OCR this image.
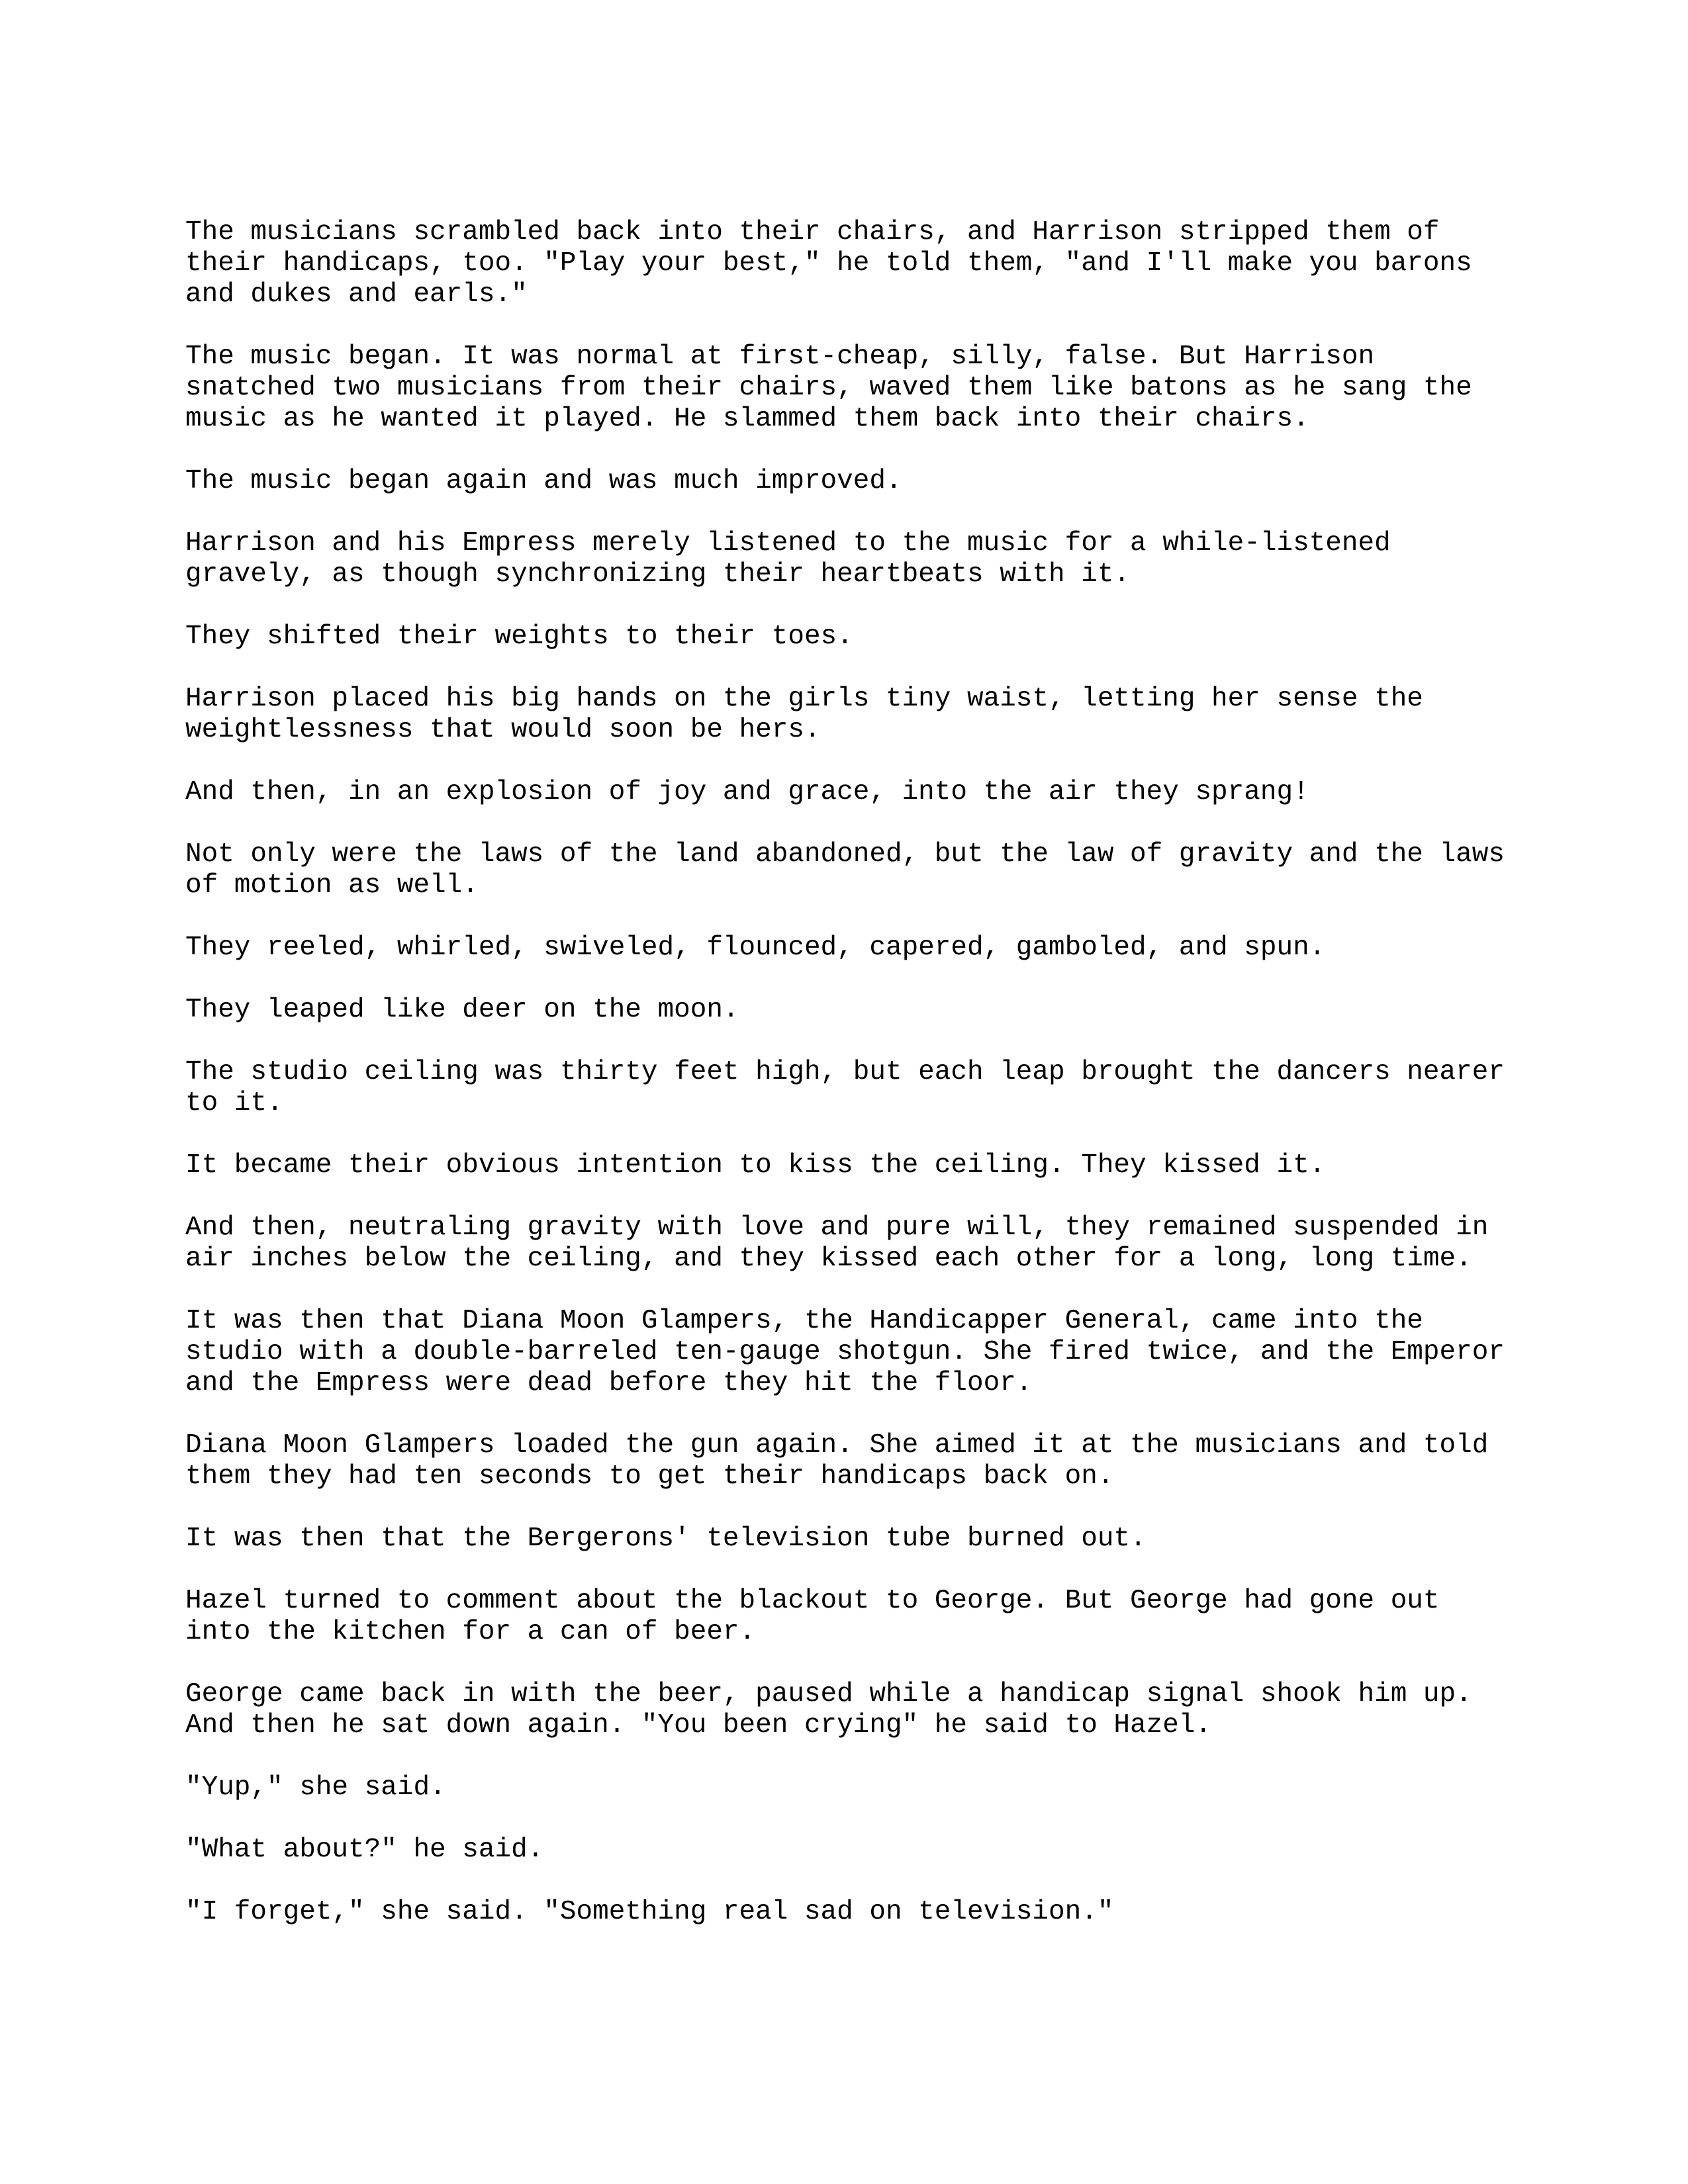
The musicians scrambled back into their chairs, and Harrison stripped them of their handicaps, too. "Play your best," he told them, "and I'll make you barons and dukes and earls."

The music began. It was normal at first-cheap, silly, false. But Harrison snatched two musicians from their chairs, waved them like batons as he sang the music as he wanted it played. He slammed them back into their chairs.

The music began again and was much improved.

Harrison and his Empress merely listened to the music for a while-listened gravely, as though synchronizing their heartbeats with it.

They shifted their weights to their toes.

Harrison placed his big hands on the girls tiny waist, letting her sense the weightlessness that would soon be hers.

And then, in an explosion of joy and grace, into the air they sprang!

Not only were the laws of the land abandoned, but the law of gravity and the laws of motion as well.

They reeled, whirled, swiveled, flounced, capered, gamboled, and spun.

They leaped like deer on the moon.

The studio ceiling was thirty feet high, but each leap brought the dancers nearer to it.

It became their obvious intention to kiss the ceiling. They kissed it.

And then, neutraling gravity with love and pure will, they remained suspended in air inches below the ceiling, and they kissed each other for a long, long time.

It was then that Diana Moon Glampers, the Handicapper General, came into the studio with a double-barreled ten-gauge shotgun. She fired twice, and the Emperor and the Empress were dead before they hit the floor.

Diana Moon Glampers loaded the gun again. She aimed it at the musicians and told them they had ten seconds to get their handicaps back on.

It was then that the Bergerons' television tube burned out.

Hazel turned to comment about the blackout to George. But George had gone out into the kitchen for a can of beer.

George came back in with the beer, paused while a handicap signal shook him up. And then he sat down again. "You been crying" he said to Hazel.

"Yup," she said.

"What about?" he said.

"I forget," she said. "Something real sad on television."
